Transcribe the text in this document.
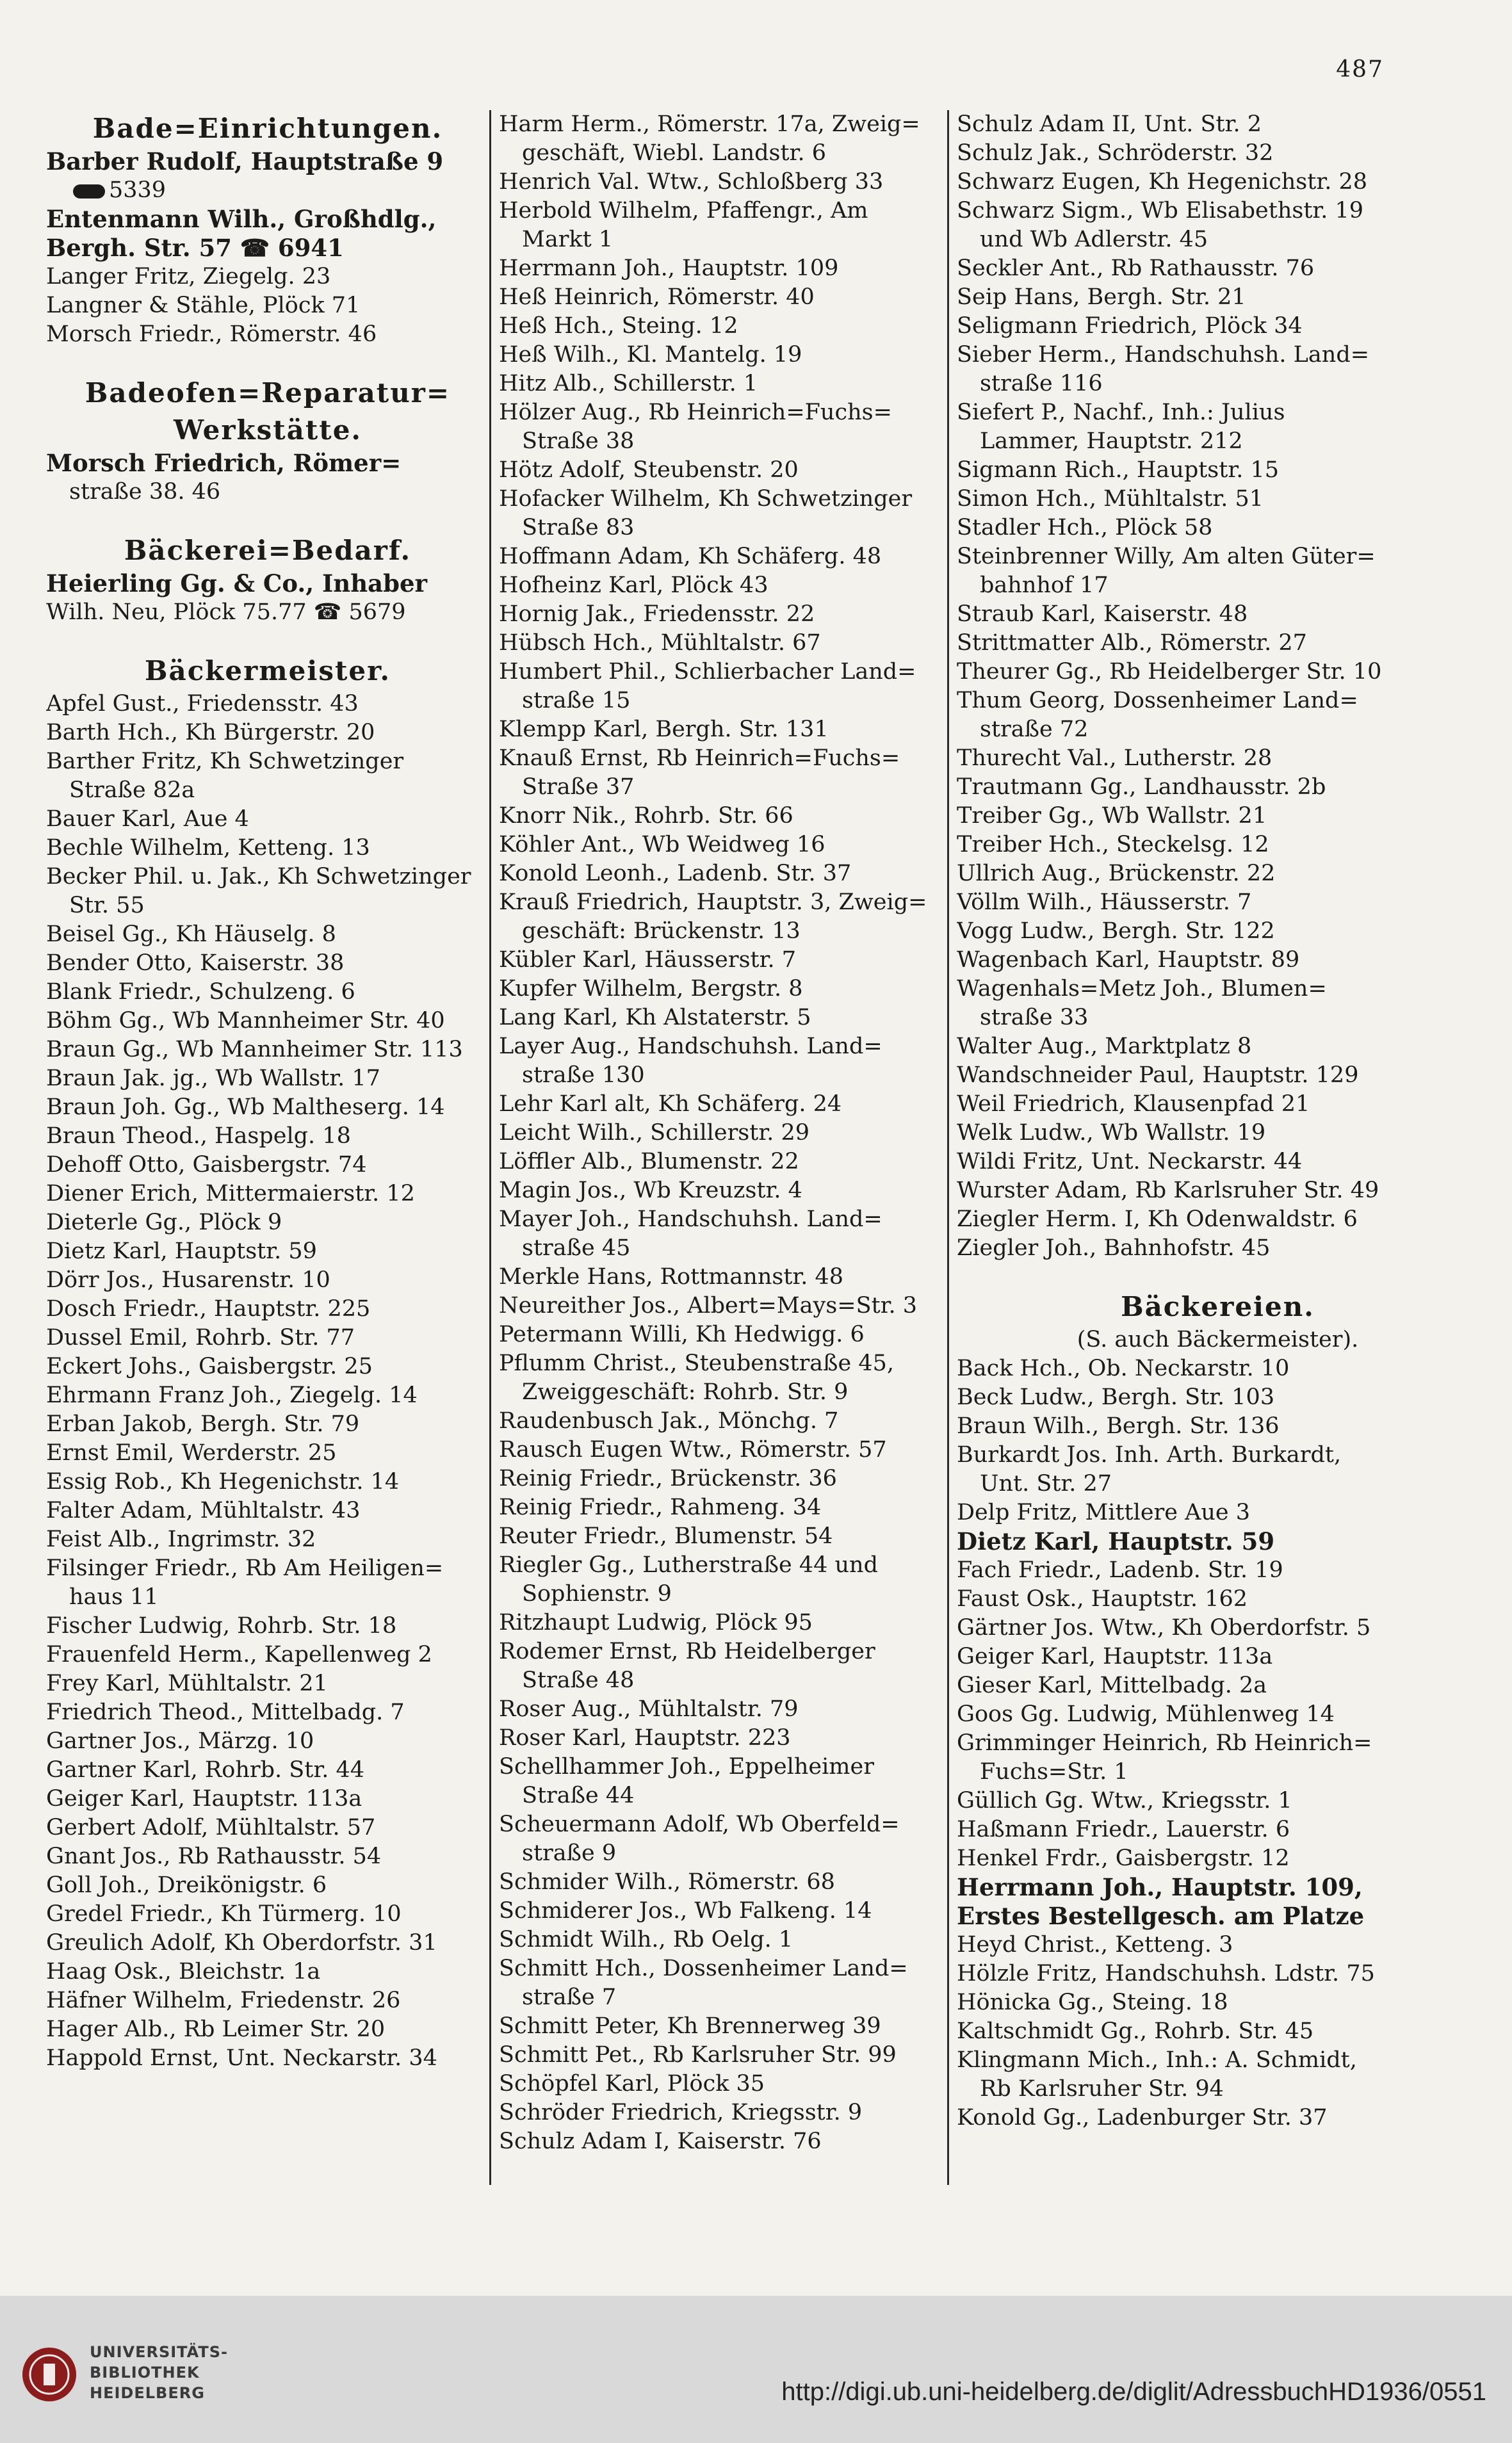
487
Bade=Einrichtungen.
Barber Rudolf, Hauptstraße 9
5339
Entenmann Wilh., Großhdlg.,
Bergh. Str. 57 ☎ 6941
Langer Fritz, Ziegelg. 23
Langner & Stähle, Plöck 71
Morsch Friedr., Römerstr. 46
Badeofen=Reparatur=
Werkstätte.
Morsch Friedrich, Römer=
straße 38. 46
Bäckerei=Bedarf.
Heierling Gg. & Co., Inhaber
Wilh. Neu, Plöck 75.77 ☎ 5679
Bäckermeister.
Apfel Gust., Friedensstr. 43
Barth Hch., Kh Bürgerstr. 20
Barther Fritz, Kh Schwetzinger
Straße 82a
Bauer Karl, Aue 4
Bechle Wilhelm, Ketteng. 13
Becker Phil. u. Jak., Kh Schwetzinger
Str. 55
Beisel Gg., Kh Häuselg. 8
Bender Otto, Kaiserstr. 38
Blank Friedr., Schulzeng. 6
Böhm Gg., Wb Mannheimer Str. 40
Braun Gg., Wb Mannheimer Str. 113
Braun Jak. jg., Wb Wallstr. 17
Braun Joh. Gg., Wb Maltheserg. 14
Braun Theod., Haspelg. 18
Dehoff Otto, Gaisbergstr. 74
Diener Erich, Mittermaierstr. 12
Dieterle Gg., Plöck 9
Dietz Karl, Hauptstr. 59
Dörr Jos., Husarenstr. 10
Dosch Friedr., Hauptstr. 225
Dussel Emil, Rohrb. Str. 77
Eckert Johs., Gaisbergstr. 25
Ehrmann Franz Joh., Ziegelg. 14
Erban Jakob, Bergh. Str. 79
Ernst Emil, Werderstr. 25
Essig Rob., Kh Hegenichstr. 14
Falter Adam, Mühltalstr. 43
Feist Alb., Ingrimstr. 32
Filsinger Friedr., Rb Am Heiligen=
haus 11
Fischer Ludwig, Rohrb. Str. 18
Frauenfeld Herm., Kapellenweg 2
Frey Karl, Mühltalstr. 21
Friedrich Theod., Mittelbadg. 7
Gartner Jos., Märzg. 10
Gartner Karl, Rohrb. Str. 44
Geiger Karl, Hauptstr. 113a
Gerbert Adolf, Mühltalstr. 57
Gnant Jos., Rb Rathausstr. 54
Goll Joh., Dreikönigstr. 6
Gredel Friedr., Kh Türmerg. 10
Greulich Adolf, Kh Oberdorfstr. 31
Haag Osk., Bleichstr. 1a
Häfner Wilhelm, Friedenstr. 26
Hager Alb., Rb Leimer Str. 20
Happold Ernst, Unt. Neckarstr. 34
Harm Herm., Römerstr. 17a, Zweig=
geschäft, Wiebl. Landstr. 6
Henrich Val. Wtw., Schloßberg 33
Herbold Wilhelm, Pfaffengr., Am
Markt 1
Herrmann Joh., Hauptstr. 109
Heß Heinrich, Römerstr. 40
Heß Hch., Steing. 12
Heß Wilh., Kl. Mantelg. 19
Hitz Alb., Schillerstr. 1
Hölzer Aug., Rb Heinrich=Fuchs=
Straße 38
Hötz Adolf, Steubenstr. 20
Hofacker Wilhelm, Kh Schwetzinger
Straße 83
Hoffmann Adam, Kh Schäferg. 48
Hofheinz Karl, Plöck 43
Hornig Jak., Friedensstr. 22
Hübsch Hch., Mühltalstr. 67
Humbert Phil., Schlierbacher Land=
straße 15
Klempp Karl, Bergh. Str. 131
Knauß Ernst, Rb Heinrich=Fuchs=
Straße 37
Knorr Nik., Rohrb. Str. 66
Köhler Ant., Wb Weidweg 16
Konold Leonh., Ladenb. Str. 37
Krauß Friedrich, Hauptstr. 3, Zweig=
geschäft: Brückenstr. 13
Kübler Karl, Häusserstr. 7
Kupfer Wilhelm, Bergstr. 8
Lang Karl, Kh Alstaterstr. 5
Layer Aug., Handschuhsh. Land=
straße 130
Lehr Karl alt, Kh Schäferg. 24
Leicht Wilh., Schillerstr. 29
Löffler Alb., Blumenstr. 22
Magin Jos., Wb Kreuzstr. 4
Mayer Joh., Handschuhsh. Land=
straße 45
Merkle Hans, Rottmannstr. 48
Neureither Jos., Albert=Mays=Str. 3
Petermann Willi, Kh Hedwigg. 6
Pflumm Christ., Steubenstraße 45,
Zweiggeschäft: Rohrb. Str. 9
Raudenbusch Jak., Mönchg. 7
Rausch Eugen Wtw., Römerstr. 57
Reinig Friedr., Brückenstr. 36
Reinig Friedr., Rahmeng. 34
Reuter Friedr., Blumenstr. 54
Riegler Gg., Lutherstraße 44 und
Sophienstr. 9
Ritzhaupt Ludwig, Plöck 95
Rodemer Ernst, Rb Heidelberger
Straße 48
Roser Aug., Mühltalstr. 79
Roser Karl, Hauptstr. 223
Schellhammer Joh., Eppelheimer
Straße 44
Scheuermann Adolf, Wb Oberfeld=
straße 9
Schmider Wilh., Römerstr. 68
Schmiderer Jos., Wb Falkeng. 14
Schmidt Wilh., Rb Oelg. 1
Schmitt Hch., Dossenheimer Land=
straße 7
Schmitt Peter, Kh Brennerweg 39
Schmitt Pet., Rb Karlsruher Str. 99
Schöpfel Karl, Plöck 35
Schröder Friedrich, Kriegsstr. 9
Schulz Adam I, Kaiserstr. 76
Schulz Adam II, Unt. Str. 2
Schulz Jak., Schröderstr. 32
Schwarz Eugen, Kh Hegenichstr. 28
Schwarz Sigm., Wb Elisabethstr. 19
und Wb Adlerstr. 45
Seckler Ant., Rb Rathausstr. 76
Seip Hans, Bergh. Str. 21
Seligmann Friedrich, Plöck 34
Sieber Herm., Handschuhsh. Land=
straße 116
Siefert P., Nachf., Inh.: Julius
Lammer, Hauptstr. 212
Sigmann Rich., Hauptstr. 15
Simon Hch., Mühltalstr. 51
Stadler Hch., Plöck 58
Steinbrenner Willy, Am alten Güter=
bahnhof 17
Straub Karl, Kaiserstr. 48
Strittmatter Alb., Römerstr. 27
Theurer Gg., Rb Heidelberger Str. 10
Thum Georg, Dossenheimer Land=
straße 72
Thurecht Val., Lutherstr. 28
Trautmann Gg., Landhausstr. 2b
Treiber Gg., Wb Wallstr. 21
Treiber Hch., Steckelsg. 12
Ullrich Aug., Brückenstr. 22
Völlm Wilh., Häusserstr. 7
Vogg Ludw., Bergh. Str. 122
Wagenbach Karl, Hauptstr. 89
Wagenhals=Metz Joh., Blumen=
straße 33
Walter Aug., Marktplatz 8
Wandschneider Paul, Hauptstr. 129
Weil Friedrich, Klausenpfad 21
Welk Ludw., Wb Wallstr. 19
Wildi Fritz, Unt. Neckarstr. 44
Wurster Adam, Rb Karlsruher Str. 49
Ziegler Herm. I, Kh Odenwaldstr. 6
Ziegler Joh., Bahnhofstr. 45
Bäckereien.
(S. auch Bäckermeister).
Back Hch., Ob. Neckarstr. 10
Beck Ludw., Bergh. Str. 103
Braun Wilh., Bergh. Str. 136
Burkardt Jos. Inh. Arth. Burkardt,
Unt. Str. 27
Delp Fritz, Mittlere Aue 3
Dietz Karl, Hauptstr. 59
Fach Friedr., Ladenb. Str. 19
Faust Osk., Hauptstr. 162
Gärtner Jos. Wtw., Kh Oberdorfstr. 5
Geiger Karl, Hauptstr. 113a
Gieser Karl, Mittelbadg. 2a
Goos Gg. Ludwig, Mühlenweg 14
Grimminger Heinrich, Rb Heinrich=
Fuchs=Str. 1
Güllich Gg. Wtw., Kriegsstr. 1
Haßmann Friedr., Lauerstr. 6
Henkel Frdr., Gaisbergstr. 12
Herrmann Joh., Hauptstr. 109,
Erstes Bestellgesch. am Platze
Heyd Christ., Ketteng. 3
Hölzle Fritz, Handschuhsh. Ldstr. 75
Hönicka Gg., Steing. 18
Kaltschmidt Gg., Rohrb. Str. 45
Klingmann Mich., Inh.: A. Schmidt,
Rb Karlsruher Str. 94
Konold Gg., Ladenburger Str. 37
UNIVERSITÄTS-
BIBLIOTHEK
HEIDELBERG	http://digi.ub.uni-heidelberg.de/diglit/AdressbuchHD1936/0551
